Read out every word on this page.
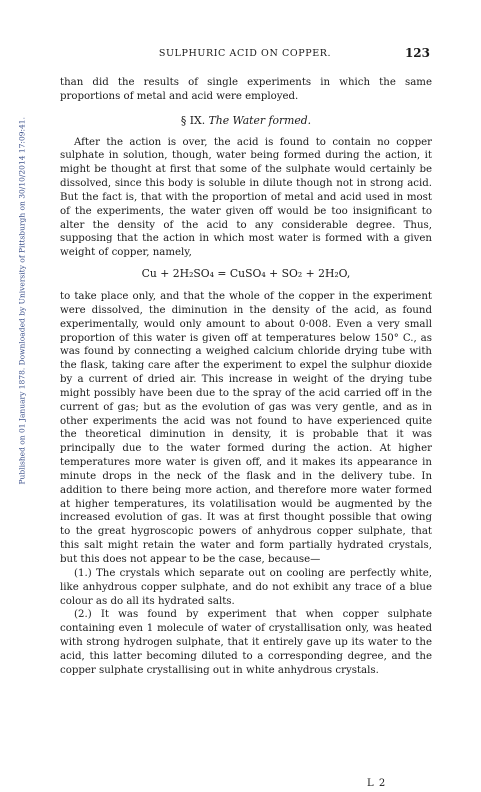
SULPHURIC ACID ON COPPER.	123
Published on 01 January 1878. Downloaded by University of Pittsburgh on 30/10/2014 17:09:41.

than did the results of single experiments in which the same proportions of metal and acid were employed.

§ IX. The Water formed.

After the action is over, the acid is found to contain no copper sulphate in solution, though, water being formed during the action, it might be thought at first that some of the sulphate would certainly be dissolved, since this body is soluble in dilute though not in strong acid. But the fact is, that with the proportion of metal and acid used in most of the experiments, the water given off would be too insignificant to alter the density of the acid to any considerable degree. Thus, supposing that the action in which most water is formed with a given weight of copper, namely,

Cu + 2H₂SO₄ = CuSO₄ + SO₂ + 2H₂O,

to take place only, and that the whole of the copper in the experiment were dissolved, the diminution in the density of the acid, as found experimentally, would only amount to about 0·008. Even a very small proportion of this water is given off at temperatures below 150° C., as was found by connecting a weighed calcium chloride drying tube with the flask, taking care after the experiment to expel the sulphur dioxide by a current of dried air. This increase in weight of the drying tube might possibly have been due to the spray of the acid carried off in the current of gas; but as the evolution of gas was very gentle, and as in other experiments the acid was not found to have experienced quite the theoretical diminution in density, it is probable that it was principally due to the water formed during the action. At higher temperatures more water is given off, and it makes its appearance in minute drops in the neck of the flask and in the delivery tube. In addition to there being more action, and therefore more water formed at higher temperatures, its volatilisation would be augmented by the increased evolution of gas. It was at first thought possible that owing to the great hygroscopic powers of anhydrous copper sulphate, that this salt might retain the water and form partially hydrated crystals, but this does not appear to be the case, because—

(1.) The crystals which separate out on cooling are perfectly white, like anhydrous copper sulphate, and do not exhibit any trace of a blue colour as do all its hydrated salts.

(2.) It was found by experiment that when copper sulphate containing even 1 molecule of water of crystallisation only, was heated with strong hydrogen sulphate, that it entirely gave up its water to the acid, this latter becoming diluted to a corresponding degree, and the copper sulphate crystallising out in white anhydrous crystals.

L 2
